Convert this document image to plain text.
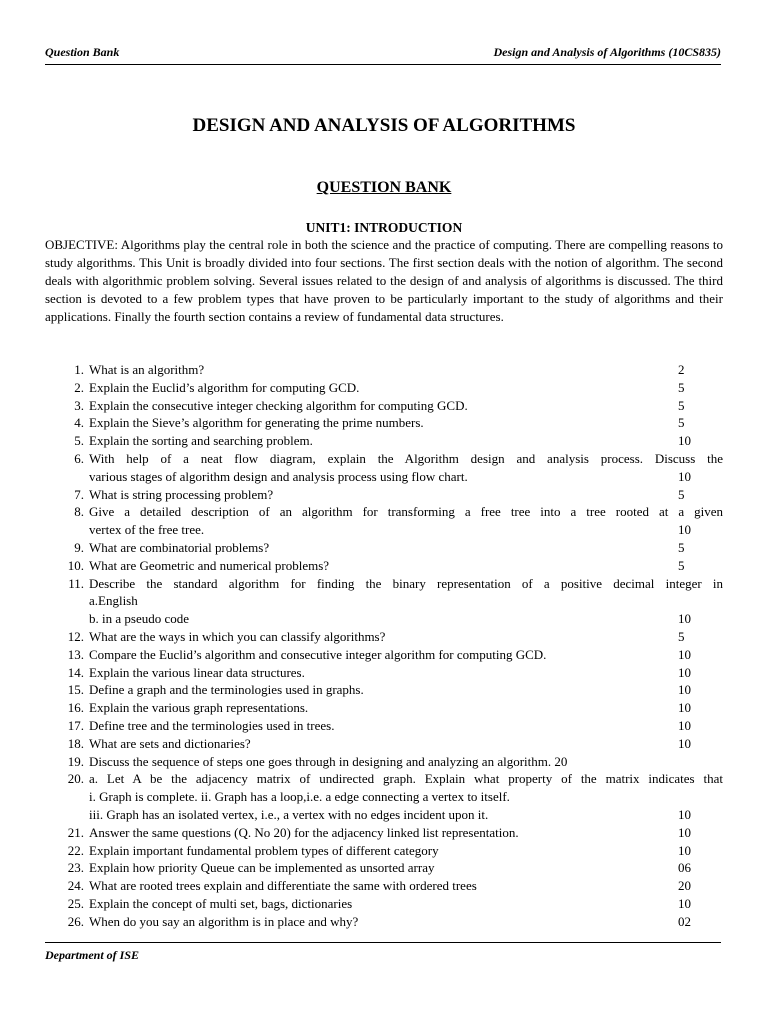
Question Bank	Design and Analysis of Algorithms (10CS835)
DESIGN AND ANALYSIS OF ALGORITHMS
QUESTION BANK
UNIT1: INTRODUCTION
OBJECTIVE: Algorithms play the central role in both the science and the practice of computing. There are compelling reasons to study algorithms. This Unit is broadly divided into four sections. The first section deals with the notion of algorithm. The second deals with algorithmic problem solving. Several issues related to the design of and analysis of algorithms is discussed. The third section is devoted to a few problem types that have proven to be particularly important to the study of algorithms and their applications. Finally the fourth section contains a review of fundamental data structures.
1. What is an algorithm?	2
2. Explain the Euclid’s algorithm for computing GCD.	5
3. Explain the consecutive integer checking algorithm for computing GCD.	5
4. Explain the Sieve’s algorithm for generating the prime numbers.	5
5. Explain the sorting and searching problem.	10
6. With help of a neat flow diagram, explain the Algorithm design and analysis process. Discuss the
various stages of algorithm design and analysis process using flow chart.	10
7. What is string processing problem?	5
8. Give a detailed description of an algorithm for transforming a free tree into a tree rooted at a given
vertex of the free tree.	10
9. What are combinatorial problems?	5
10. What are Geometric and numerical problems?	5
11. Describe the standard algorithm for finding the binary representation of a positive decimal integer in
a.English
b. in a pseudo code	10
12. What are the ways in which you can classify algorithms?	5
13. Compare the Euclid’s algorithm and consecutive integer algorithm for computing GCD.	10
14. Explain the various linear data structures.	10
15. Define a graph and the terminologies used in graphs.	10
16. Explain the various graph representations.	10
17. Define tree and the terminologies used in trees.	10
18. What are sets and dictionaries?	10
19. Discuss the sequence of steps one goes through in designing and analyzing an algorithm. 20
20. a. Let A be the adjacency matrix of undirected graph. Explain what property of the matrix indicates that
i. Graph is complete. ii. Graph has a loop,i.e. a edge connecting a vertex to itself.
iii. Graph has an isolated vertex, i.e., a vertex with no edges incident upon it.	10
21. Answer the same questions (Q. No 20) for the adjacency linked list representation.	10
22. Explain important fundamental problem types of different category	10
23. Explain how priority Queue can be implemented as unsorted array	06
24. What are rooted trees explain and differentiate the same with ordered trees	20
25. Explain the concept of multi set, bags, dictionaries	10
26. When do you say an algorithm is in place and why?	02
Department of ISE
